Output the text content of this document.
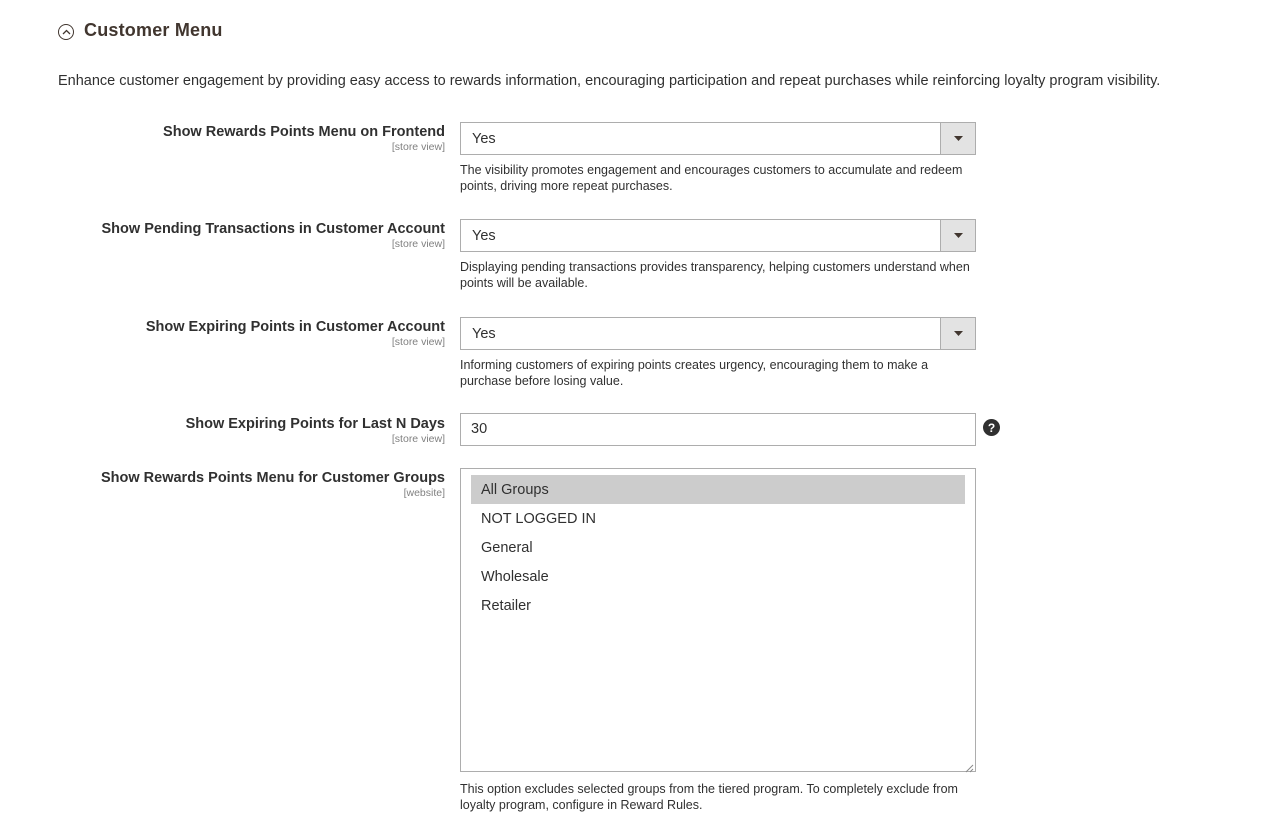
Customer Menu
Enhance customer engagement by providing easy access to rewards information, encouraging participation and repeat purchases while reinforcing loyalty program visibility.
Show Rewards Points Menu on Frontend
[store view] Yes
The visibility promotes engagement and encourages customers to accumulate and redeem points, driving more repeat purchases.
Show Pending Transactions in Customer Account
[store view] Yes
Displaying pending transactions provides transparency, helping customers understand when points will be available.
Show Expiring Points in Customer Account
[store view] Yes
Informing customers of expiring points creates urgency, encouraging them to make a purchase before losing value.
Show Expiring Points for Last N Days
[store view]
30
?
Show Rewards Points Menu for Customer Groups
[website]	All Groups
NOT LOGGED IN
General
Wholesale
Retailer
This option excludes selected groups from the tiered program. To completely exclude from loyalty program, configure in Reward Rules.
